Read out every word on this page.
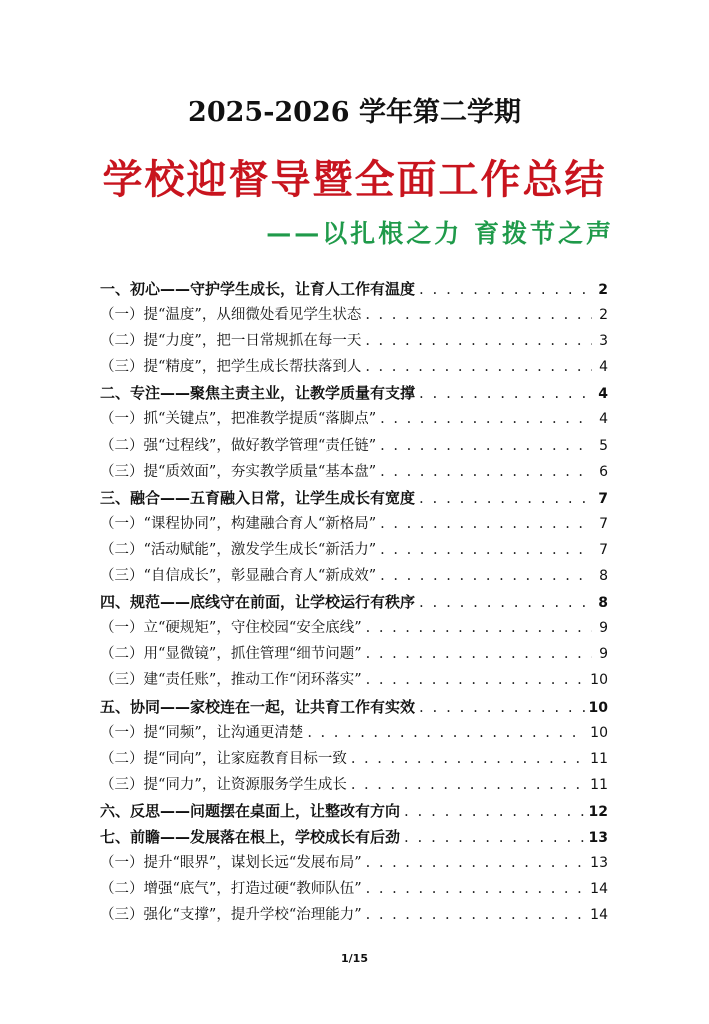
2025-2026 学年第二学期
学校迎督导暨全面工作总结
——以扎根之力 育拨节之声
一、初心——守护学生成长，让育人工作有温度 . . .	2
（一）提“温度”，从细微处看见学生状态 . . .	2
（二）提“力度”，把一日常规抓在每一天 . . .	3
（三）提“精度”，把学生成长帮扶落到人 . . .	4
二、专注——聚焦主责主业，让教学质量有支撑 . . .	4
（一）抓“关键点”，把准教学提质“落脚点” . . .	4
（二）强“过程线”，做好教学管理“责任链” . . .	5
（三）提“质效面”，夯实教学质量“基本盘” . . .	6
三、融合——五育融入日常，让学生成长有宽度 . . .	7
（一）“课程协同”，构建融合育人“新格局” . . .	7
（二）“活动赋能”，激发学生成长“新活力” . . .	7
（三）“自信成长”，彰显融合育人“新成效” . . .	8
四、规范——底线守在前面，让学校运行有秩序 . . .	8
（一）立“硬规矩”，守住校园“安全底线” . . .	9
（二）用“显微镜”，抓住管理“细节问题” . . .	9
（三）建“责任账”，推动工作“闭环落实” . . .	10
五、协同——家校连在一起，让共育工作有实效 . . .	10
（一）提“同频”，让沟通更清楚 . . .	10
（二）提“同向”，让家庭教育目标一致 . . .	11
（三）提“同力”，让资源服务学生成长 . . .	11
六、反思——问题摆在桌面上，让整改有方向 . . .	12
七、前瞻——发展落在根上，学校成长有后劲 . . .	13
（一）提升“眼界”，谋划长远“发展布局” . . .	13
（二）增强“底气”，打造过硬“教师队伍” . . .	14
（三）强化“支撑”，提升学校“治理能力” . . .	14
1/15
